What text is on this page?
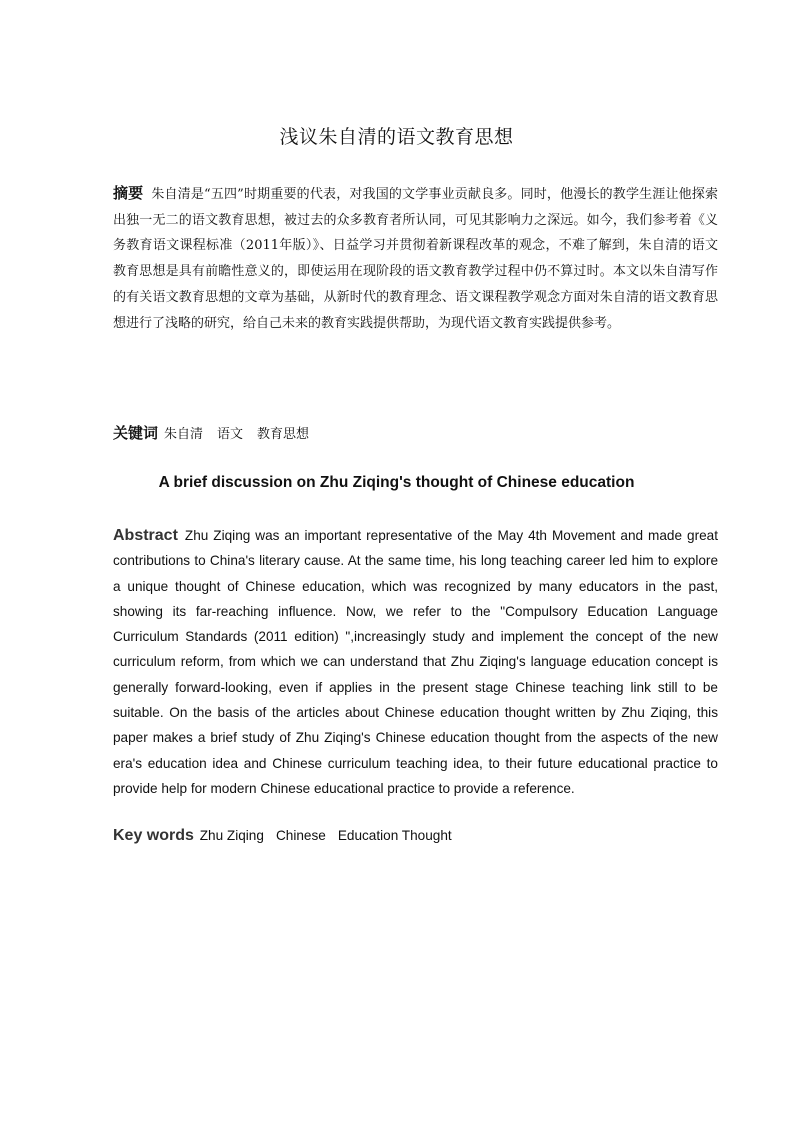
浅议朱自清的语文教育思想

摘要 朱自清是“五四”时期重要的代表，对我国的文学事业贡献良多。同时，他漫长的教学生涯让他探索出独一无二的语文教育思想，被过去的众多教育者所认同，可见其影响力之深远。如今，我们参考着《义务教育语文课程标准（2011年版）》、日益学习并贯彻着新课程改革的观念，不难了解到，朱自清的语文教育思想是具有前瞻性意义的，即使运用在现阶段的语文教育教学过程中仍不算过时。本文以朱自清写作的有关语文教育思想的文章为基础，从新时代的教育理念、语文课程教学观念方面对朱自清的语文教育思想进行了浅略的研究，给自己未来的教育实践提供帮助，为现代语文教育实践提供参考。

关键词 朱自清 语文 教育思想

A brief discussion on Zhu Ziqing's thought of Chinese education

Abstract Zhu Ziqing was an important representative of the May 4th Movement and made great contributions to China's literary cause. At the same time, his long teaching career led him to explore a unique thought of Chinese education, which was recognized by many educators in the past, showing its far-reaching influence. Now, we refer to the "Compulsory Education Language Curriculum Standards (2011 edition) ",increasingly study and implement the concept of the new curriculum reform, from which we can understand that Zhu Ziqing's language education concept is generally forward-looking, even if applies in the present stage Chinese teaching link still to be suitable. On the basis of the articles about Chinese education thought written by Zhu Ziqing, this paper makes a brief study of Zhu Ziqing's Chinese education thought from the aspects of the new era's education idea and Chinese curriculum teaching idea, to their future educational practice to provide help for modern Chinese educational practice to provide a reference.

Key words Zhu Ziqing Chinese Education Thought
